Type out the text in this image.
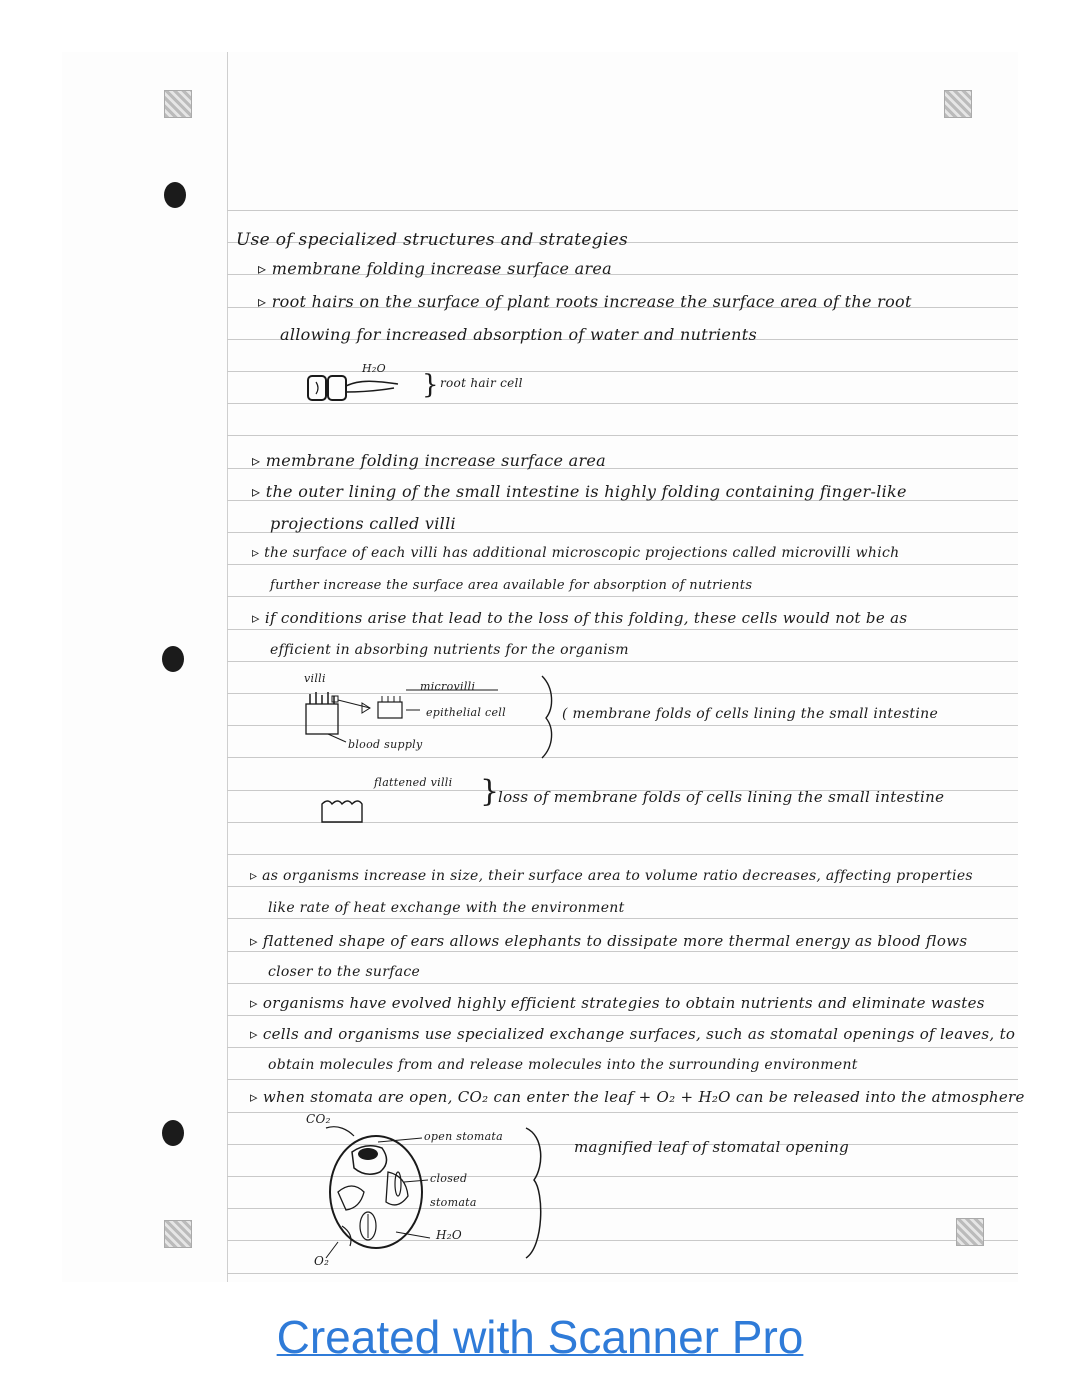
Use of specialized structures and strategies
▹ membrane folding increase surface area
▹ root hairs on the surface of plant roots increase the surface area of the root
allowing for increased absorption of water and nutrients
H₂O
} root hair cell
▹ membrane folding increase surface area
▹ the outer lining of the small intestine is highly folding containing finger-like
projections called villi
▹ the surface of each villi has additional microscopic projections called microvilli which
further increase the surface area available for absorption of nutrients
▹ if conditions arise that lead to the loss of this folding, these cells would not be as
efficient in absorbing nutrients for the organism
villi
microvilli
epithelial cell
blood supply
( membrane folds of cells lining the small intestine
flattened villi }
loss of membrane folds of cells lining the small intestine
▹ as organisms increase in size, their surface area to volume ratio decreases, affecting properties
like rate of heat exchange with the environment
▹ flattened shape of ears allows elephants to dissipate more thermal energy as blood flows
closer to the surface
▹ organisms have evolved highly efficient strategies to obtain nutrients and eliminate wastes
▹ cells and organisms use specialized exchange surfaces, such as stomatal openings of leaves, to
obtain molecules from and release molecules into the surrounding environment
▹ when stomata are open, CO₂ can enter the leaf + O₂ + H₂O can be released into the atmosphere
CO₂
open stomata
closed
stomata
H₂O
O₂
magnified leaf of stomatal opening
Created with Scanner Pro
